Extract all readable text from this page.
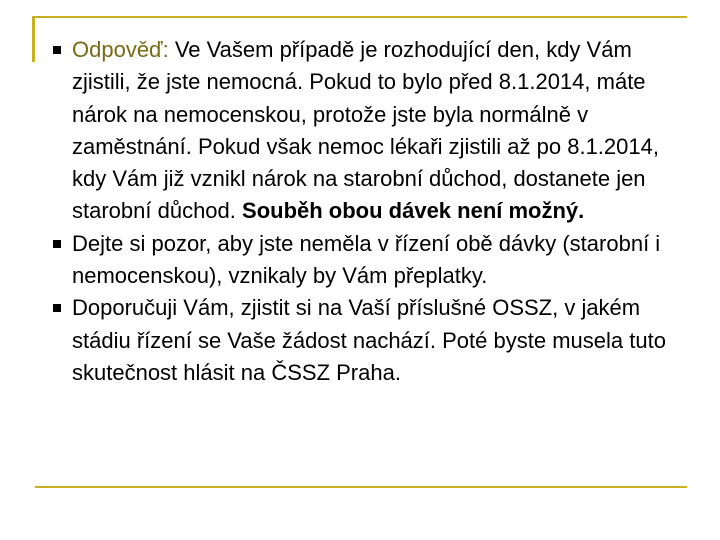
Odpověď: Ve Vašem případě je rozhodující den, kdy Vám zjistili, že jste nemocná. Pokud to bylo před 8.1.2014, máte nárok na nemocenskou, protože jste byla normálně v zaměstnání. Pokud však nemoc lékaři zjistili až po 8.1.2014, kdy Vám již vznikl nárok na starobní důchod, dostanete jen starobní důchod. Souběh obou dávek není možný.
Dejte si pozor, aby jste neměla v řízení obě dávky (starobní i nemocenskou), vznikaly by Vám přeplatky.
Doporučuji Vám, zjistit si na Vaší příslušné OSSZ, v jakém stádiu řízení se Vaše žádost nachází. Poté byste musela tuto skutečnost hlásit na ČSSZ Praha.
